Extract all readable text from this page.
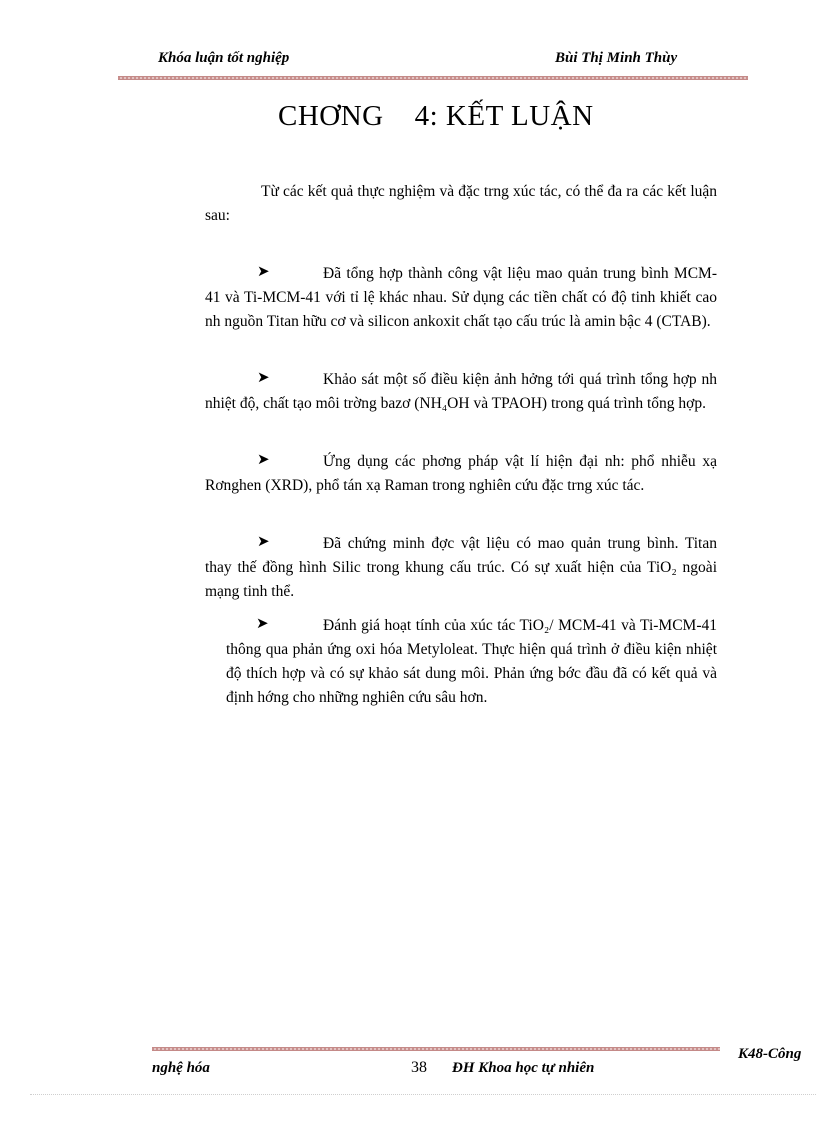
Khóa luận tốt nghiệp	Bùi Thị Minh Thùy
CHƠNG    4: KẾT LUẬN
Từ các kết quả thực nghiệm và đặc trng xúc tác, có thể đa ra các kết luận sau:
➤	Đã tổng hợp thành công vật liệu mao quản trung bình MCM-41 và Ti-MCM-41 với tỉ lệ khác nhau. Sử dụng các tiền chất có độ tinh khiết cao nh nguồn Titan hữu cơ và silicon ankoxit chất tạo cấu trúc là amin bậc 4 (CTAB).
➤	Khảo sát một số điều kiện ảnh hởng tới quá trình tổng hợp nh nhiệt độ, chất tạo môi trờng bazơ (NH₄OH và TPAOH) trong quá trình tổng hợp.
➤	Ứng dụng các phơng pháp vật lí hiện đại nh: phổ nhiễu xạ Rơnghen (XRD), phổ tán xạ Raman trong nghiên cứu đặc trng xúc tác.
➤	Đã chứng minh đợc vật liệu có mao quản trung bình. Titan thay thế đồng hình Silic trong khung cấu trúc. Có sự xuất hiện của TiO₂ ngoài mạng tinh thể.
➤	Đánh giá hoạt tính của xúc tác TiO₂/ MCM-41 và Ti-MCM-41 thông qua phản ứng oxi hóa Metyloleat. Thực hiện quá trình ở điều kiện nhiệt độ thích hợp và có sự khảo sát dung môi. Phản ứng bớc đầu đã có kết quả và định hớng cho những nghiên cứu sâu hơn.
K48-Công
nghệ hóa	38 ĐH Khoa học tự nhiên
